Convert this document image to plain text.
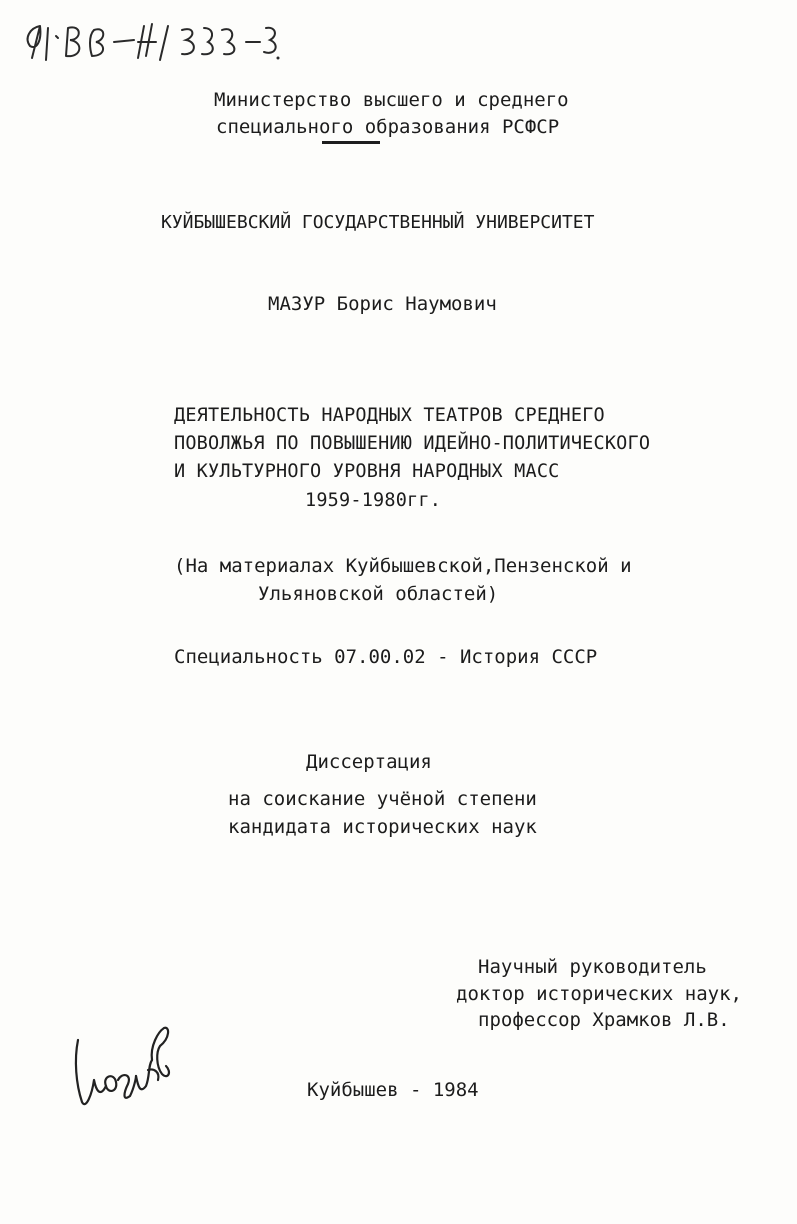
Министерство высшего и среднего
специального образования РСФСР
КУЙБЫШЕВСКИЙ ГОСУДАРСТВЕННЫЙ УНИВЕРСИТЕТ
МАЗУР Борис Наумович
ДЕЯТЕЛЬНОСТЬ НАРОДНЫХ ТЕАТРОВ СРЕДНЕГО
ПОВОЛЖЬЯ ПО ПОВЫШЕНИЮ ИДЕЙНО-ПОЛИТИЧЕСКОГО
И КУЛЬТУРНОГО УРОВНЯ НАРОДНЫХ МАСС
1959-1980гг.
(На материалах Куйбышевской,Пензенской и
Ульяновской областей)
Специальность 07.00.02 - История СССР
Диссертация
на соискание учёной степени
кандидата исторических наук
Научный руководитель
доктор исторических наук,
профессор Храмков Л.В.
Куйбышев - 1984
